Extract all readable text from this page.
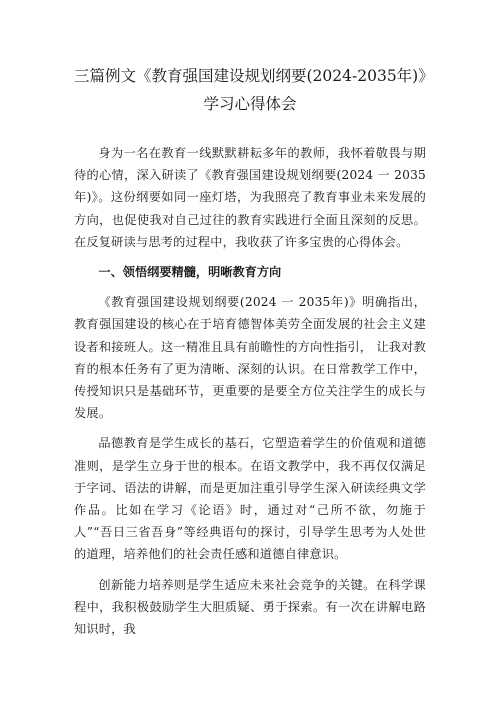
三篇例文《教育强国建设规划纲要(2024-2035年)》

学习心得体会

身为一名在教育一线默默耕耘多年的教师，我怀着敬畏与期待的心情，深入研读了《教育强国建设规划纲要(2024 一 2035年)》。这份纲要如同一座灯塔，为我照亮了教育事业未来发展的方向，也促使我对自己过往的教育实践进行全面且深刻的反思。在反复研读与思考的过程中，我收获了许多宝贵的心得体会。

一、领悟纲要精髓，明晰教育方向

《教育强国建设规划纲要(2024 一 2035年)》明确指出， 教育强国建设的核心在于培育德智体美劳全面发展的社会主义建设者和接班人。这一精准且具有前瞻性的方向性指引， 让我对教育的根本任务有了更为清晰、深刻的认识。在日常教学工作中，传授知识只是基础环节，更重要的是要全方位关注学生的成长与发展。

品德教育是学生成长的基石，它塑造着学生的价值观和道德准则，是学生立身于世的根本。在语文教学中，我不再仅仅满足于字词、语法的讲解，而是更加注重引导学生深入研读经典文学作品。比如在学习《论语》时，通过对“己所不欲，勿施于人”“吾日三省吾身”等经典语句的探讨，引导学生思考为人处世的道理，培养他们的社会责任感和道德自律意识。

创新能力培养则是学生适应未来社会竞争的关键。在科学课程中，我积极鼓励学生大胆质疑、勇于探索。有一次在讲解电路知识时，我
